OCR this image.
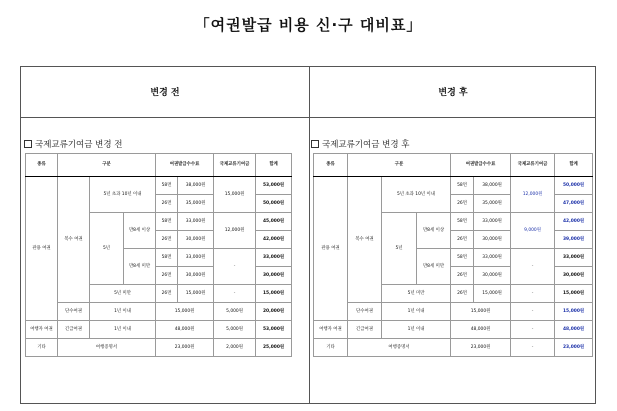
「여권발급 비용 신·구 대비표」
변경 전	변경 후
국제교류기여금 변경 전
종류	구분			여권발급수수료		국제교류기여금	합계
관용 여권	복수 여권	5년 초과 10년 이내		58면	38,000원	15,000원	53,000원
				26면	35,000원		50,000원
		5년	만8세 이상	58면	33,000원	12,000원	45,000원
				26면	30,000원		42,000원
			만8세 미만	58면	33,000원	-	33,000원
				26면	30,000원		30,000원
		5년 미만		26면	15,000원	-	15,000원
	단수여권	1년 이내		15,000원		5,000원	20,000원
여행자 여권	긴급여권	1년 이내		48,000원		5,000원	53,000원
기타	여행증명서			23,000원		2,000원	25,000원
국제교류기여금 변경 후
종류	구분			여권발급수수료		국제교류기여금	합계
관용 여권	복수 여권	5년 초과 10년 이내		58면	38,000원	12,000원	50,000원
				26면	35,000원		47,000원
		5년	만8세 이상	58면	33,000원	9,000원	42,000원
				26면	30,000원		39,000원
			만8세 미만	58면	33,000원	-	33,000원
				26면	30,000원		30,000원
		5년 미만		26면	15,000원	-	15,000원
	단수여권	1년 이내		15,000원		-	15,000원
여행자 여권	긴급여권	1년 이내		48,000원		-	48,000원
기타	여행증명서			23,000원		-	23,000원
